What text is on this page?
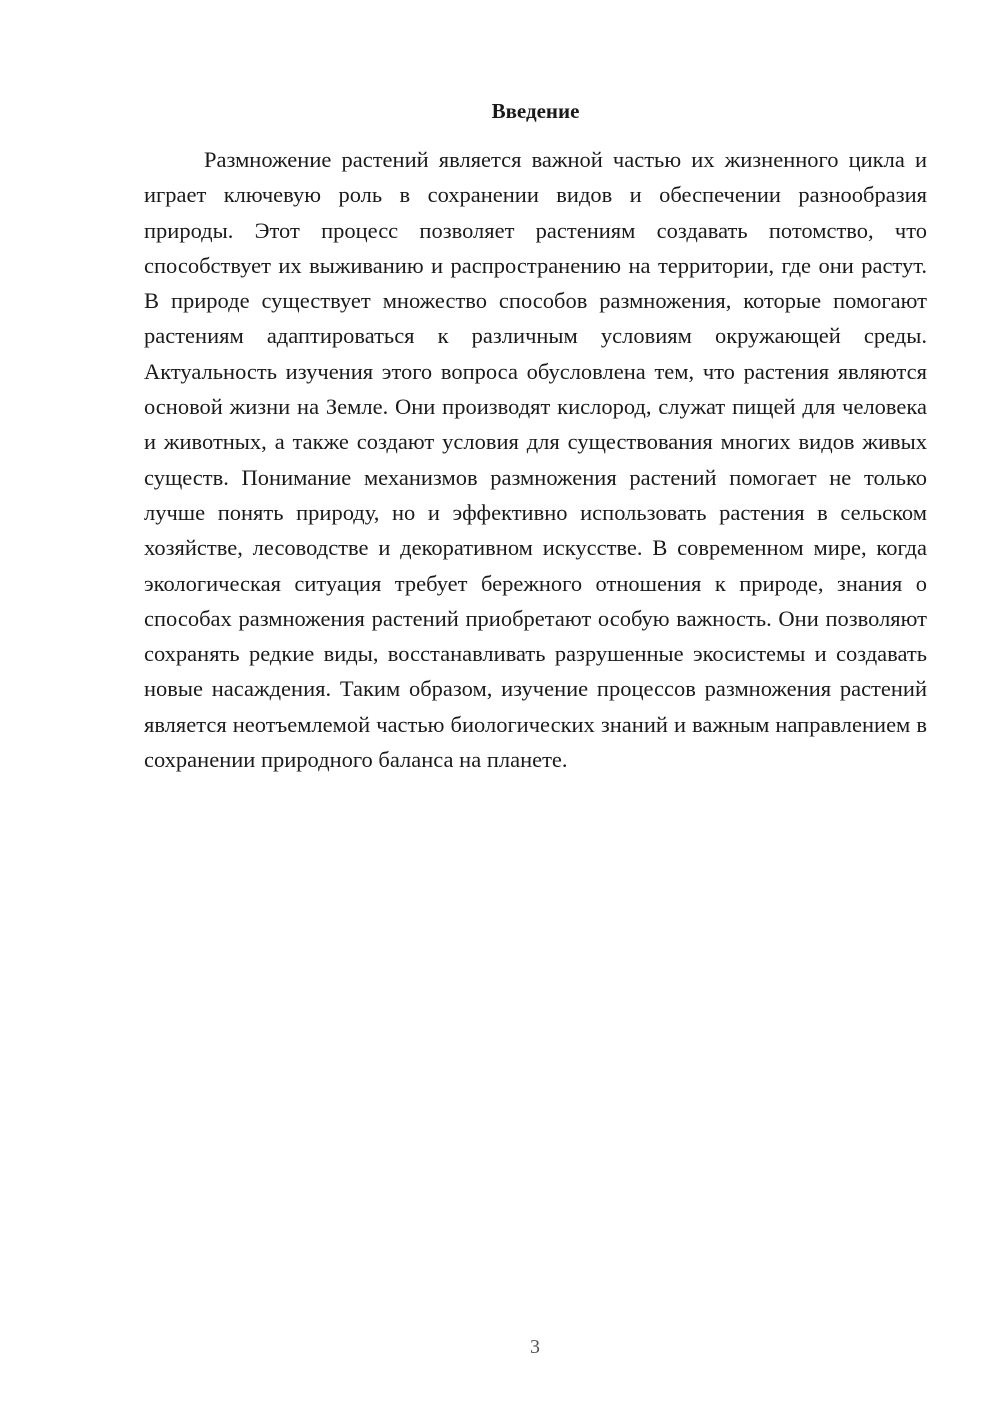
Введение

Размножение растений является важной частью их жизненного цикла и играет ключевую роль в сохранении видов и обеспечении разнообразия природы. Этот процесс позволяет растениям создавать потомство, что способствует их выживанию и распространению на территории, где они растут. В природе существует множество способов размножения, которые помогают растениям адаптироваться к различным условиям окружающей среды. Актуальность изучения этого вопроса обусловлена тем, что растения являются основой жизни на Земле. Они производят кислород, служат пищей для человека и животных, а также создают условия для существования многих видов живых существ. Понимание механизмов размножения растений помогает не только лучше понять природу, но и эффективно использовать растения в сельском хозяйстве, лесоводстве и декоративном искусстве. В современном мире, когда экологическая ситуация требует бережного отношения к природе, знания о способах размножения растений приобретают особую важность. Они позволяют сохранять редкие виды, восстанавливать разрушенные экосистемы и создавать новые насаждения. Таким образом, изучение процессов размножения растений является неотъемлемой частью биологических знаний и важным направлением в сохранении природного баланса на планете.

3
